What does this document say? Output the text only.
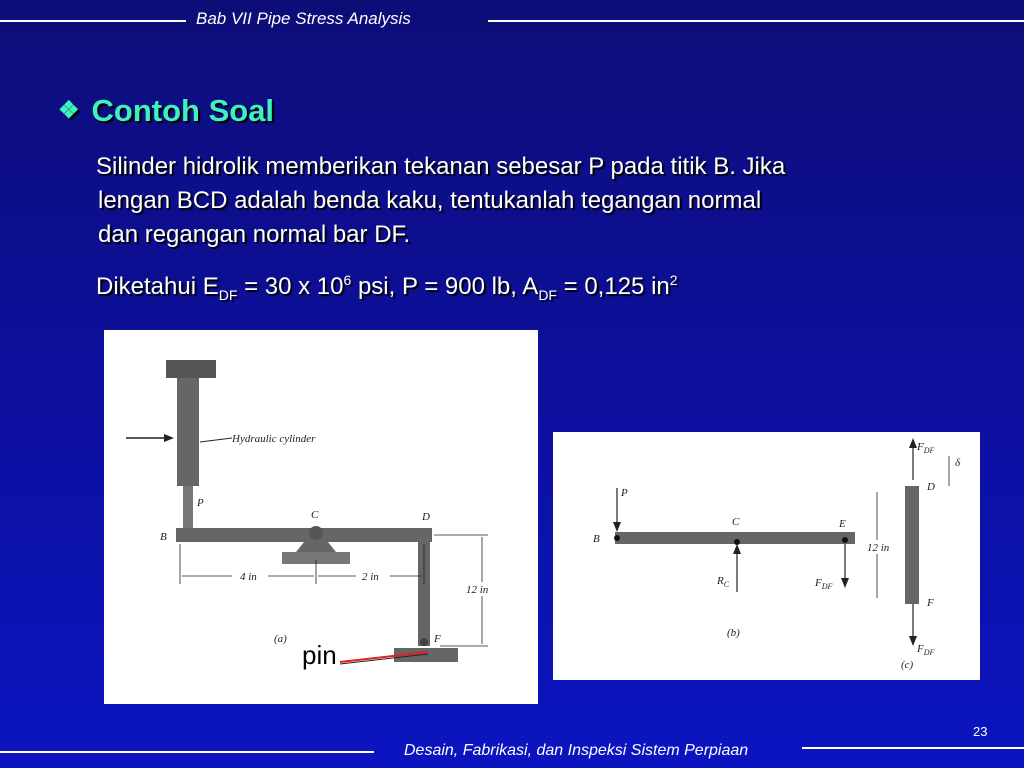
Bab VII Pipe Stress Analysis
Desain, Fabrikasi, dan Inspeksi Sistem Perpiaan
23
❖ Contoh Soal
Silinder hidrolik memberikan tekanan sebesar P pada titik B. Jika
lengan BCD adalah benda kaku, tentukanlah tegangan normal
dan regangan normal bar DF.
Diketahui $E_{DF} = 30$ x $10^6$ psi, P = 900 lb, $A_{DF} = 0,125$ $in^2$
Hydraulic cylinder
P
B
C	D
F
4 in	2 in
12 in
(a)
B
C	E
P
$R_C$	$F_{DF}$
(b)
$F_{DF}$
D
F
δ
12 in
$F_{DF}$
(c)
pin
